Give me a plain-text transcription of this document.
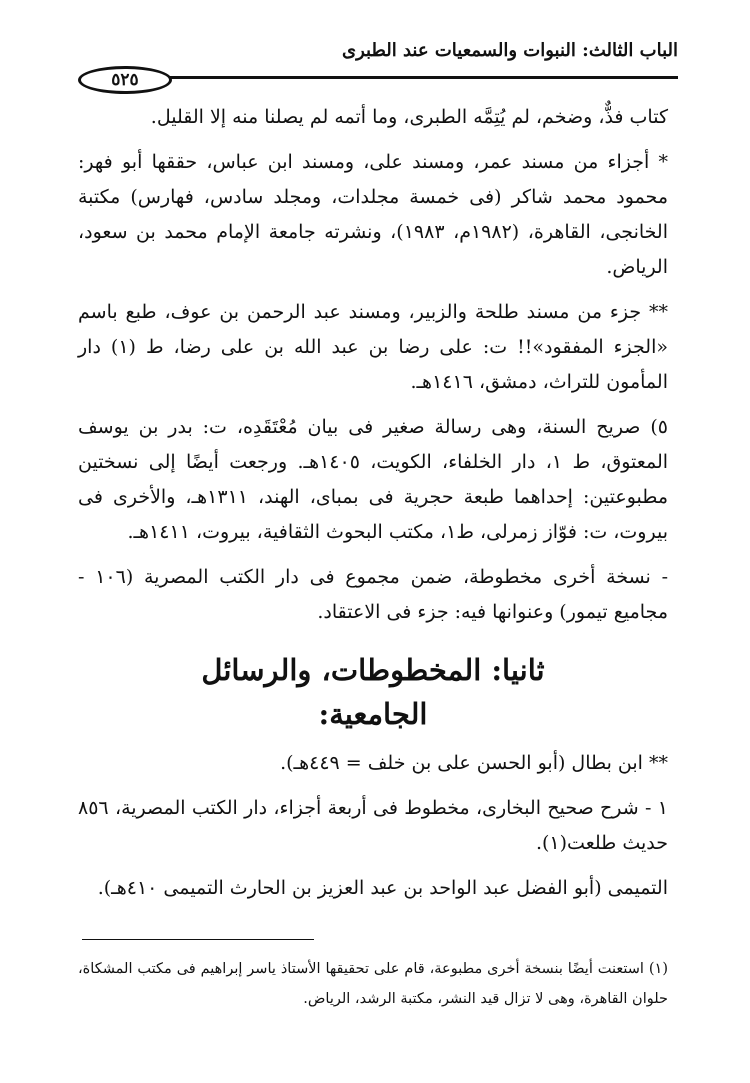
الباب الثالث: النبوات والسمعيات عند الطبرى
٥٢٥

كتاب فذٌّ، وضخم، لم يُتِمَّه الطبرى، وما أتمه لم يصلنا منه إلا القليل.

* أجزاء من مسند عمر، ومسند على، ومسند ابن عباس، حققها أبو فهر: محمود محمد شاكر (فى خمسة مجلدات، ومجلد سادس، فهارس) مكتبة الخانجى، القاهرة، (١٩٨٢م، ١٩٨٣)، ونشرته جامعة الإمام محمد بن سعود، الرياض.

** جزء من مسند طلحة والزبير، ومسند عبد الرحمن بن عوف، طبع باسم «الجزء المفقود»!! ت: على رضا بن عبد الله بن على رضا، ط (١) دار المأمون للتراث، دمشق، ١٤١٦هـ.

٥) صريح السنة، وهى رسالة صغير فى بيان مُعْتَقَدِه، ت: بدر بن يوسف المعتوق، ط ١، دار الخلفاء، الكويت، ١٤٠٥هـ. ورجعت أيضًا إلى نسختين مطبوعتين: إحداهما طبعة حجرية فى بمباى، الهند، ١٣١١هـ، والأخرى فى بيروت، ت: فوّاز زمرلى، ط١، مكتب البحوث الثقافية، بيروت، ١٤١١هـ.

- نسخة أخرى مخطوطة، ضمن مجموع فى دار الكتب المصرية (١٠٦ - مجاميع تيمور) وعنوانها فيه: جزء فى الاعتقاد.

ثانيا: المخطوطات، والرسائل
الجامعية:

** ابن بطال (أبو الحسن على بن خلف = ٤٤٩هـ).

١ - شرح صحيح البخارى، مخطوط فى أربعة أجزاء، دار الكتب المصرية، ٨٥٦ حديث طلعت(١).

التميمى (أبو الفضل عبد الواحد بن عبد العزيز بن الحارث التميمى ٤١٠هـ).

(١) استعنت أيضًا بنسخة أخرى مطبوعة، قام على تحقيقها الأستاذ ياسر إبراهيم فى مكتب المشكاة، حلوان القاهرة، وهى لا تزال قيد النشر، مكتبة الرشد، الرياض.
